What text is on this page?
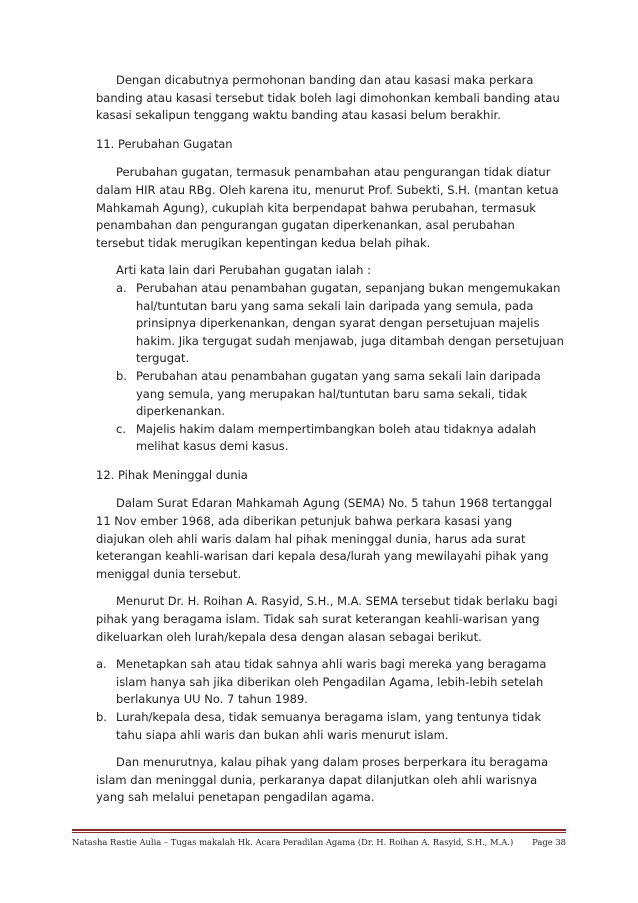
Dengan dicabutnya permohonan banding dan atau kasasi maka perkara banding atau kasasi tersebut tidak boleh lagi dimohonkan kembali banding atau kasasi sekalipun tenggang waktu banding atau kasasi belum berakhir.

11. Perubahan Gugatan

Perubahan gugatan, termasuk penambahan atau pengurangan tidak diatur dalam HIR atau RBg. Oleh karena itu, menurut Prof. Subekti, S.H. (mantan ketua Mahkamah Agung), cukuplah kita berpendapat bahwa perubahan, termasuk penambahan dan pengurangan gugatan diperkenankan, asal perubahan tersebut tidak merugikan kepentingan kedua belah pihak.

Arti kata lain dari Perubahan gugatan ialah :

a. Perubahan atau penambahan gugatan, sepanjang bukan mengemukakan hal/tuntutan baru yang sama sekali lain daripada yang semula, pada prinsipnya diperkenankan, dengan syarat dengan persetujuan majelis hakim. Jika tergugat sudah menjawab, juga ditambah dengan persetujuan tergugat.
b. Perubahan atau penambahan gugatan yang sama sekali lain daripada yang semula, yang merupakan hal/tuntutan baru sama sekali, tidak diperkenankan.
c. Majelis hakim dalam mempertimbangkan boleh atau tidaknya adalah melihat kasus demi kasus.

12. Pihak Meninggal dunia

Dalam Surat Edaran Mahkamah Agung (SEMA) No. 5 tahun 1968 tertanggal 11 Nov ember 1968, ada diberikan petunjuk bahwa perkara kasasi yang diajukan oleh ahli waris dalam hal pihak meninggal dunia, harus ada surat keterangan keahli-warisan dari kepala desa/lurah yang mewilayahi pihak yang meniggal dunia tersebut.

Menurut Dr. H. Roihan A. Rasyid, S.H., M.A. SEMA tersebut tidak berlaku bagi pihak yang beragama islam. Tidak sah surat keterangan keahli-warisan yang dikeluarkan oleh lurah/kepala desa dengan alasan sebagai berikut.

a. Menetapkan sah atau tidak sahnya ahli waris bagi mereka yang beragama islam hanya sah jika diberikan oleh Pengadilan Agama, lebih-lebih setelah berlakunya UU No. 7 tahun 1989.
b. Lurah/kepala desa, tidak semuanya beragama islam, yang tentunya tidak tahu siapa ahli waris dan bukan ahli waris menurut islam.

Dan menurutnya, kalau pihak yang dalam proses berperkara itu beragama islam dan meninggal dunia, perkaranya dapat dilanjutkan oleh ahli warisnya yang sah melalui penetapan pengadilan agama.

Natasha Rastie Aulia – Tugas makalah Hk. Acara Peradilan Agama (Dr. H. Roihan A. Rasyid, S.H., M.A.) Page 38
